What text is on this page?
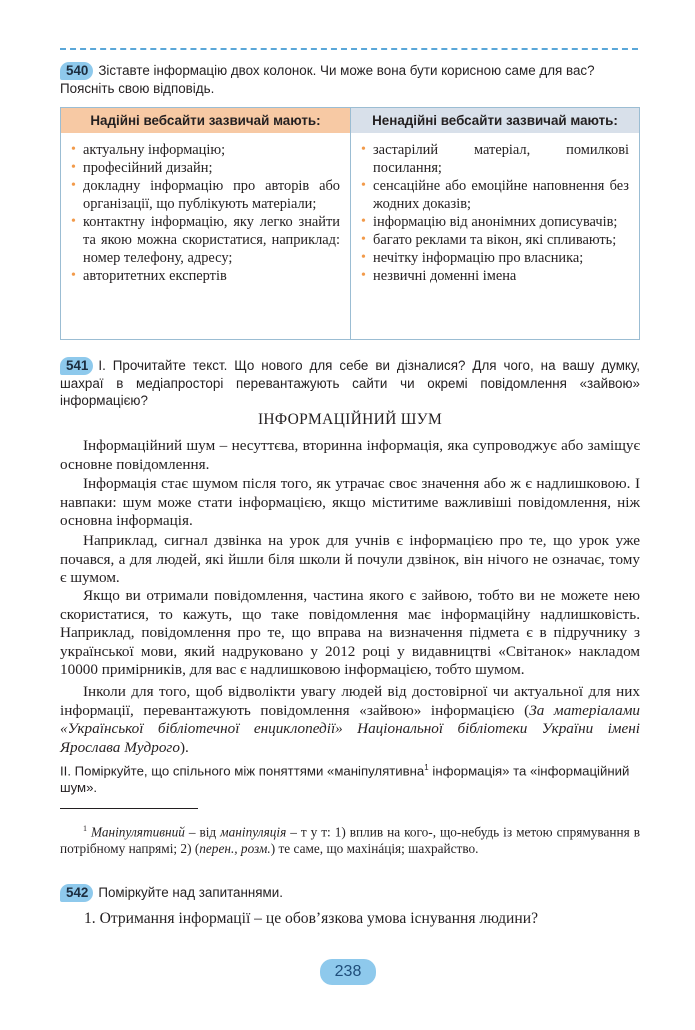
540 Зіставте інформацію двох колонок. Чи може вона бути корисною саме для вас?
Поясніть свою відповідь.
Надійні вебсайти зазвичай мають:	Ненадійні вебсайти зазвичай мають:
• актуальну інформацію;
• професійний дизайн;
• докладну інформацію про авторів або організації, що публікують матеріали;
• контактну інформацію, яку легко знайти та якою можна скористатися, наприклад: номер телефону, адресу;
• авторитетних експертів
• застарілий матеріал, помилкові посилання;
• сенсаційне або емоційне наповнення без жодних доказів;
• інформацію від анонімних дописувачів;
• багато реклами та вікон, які спливають;
• нечітку інформацію про власника;
• незвичні доменні імена
541 І. Прочитайте текст. Що нового для себе ви дізналися? Для чого, на вашу думку, шахраї в медіапросторі перевантажують сайти чи окремі повідомлення «зайвою» інформацією?
ІНФОРМАЦІЙНИЙ ШУМ

Інформаційний шум – несуттєва, вторинна інформація, яка супроводжує або заміщує основне повідомлення.

Інформація стає шумом після того, як утрачає своє значення або ж є надлишковою. І навпаки: шум може стати інформацією, якщо міститиме важливіші повідомлення, ніж основна інформація.

Наприклад, сигнал дзвінка на урок для учнів є інформацією про те, що урок уже почався, а для людей, які йшли біля школи й почули дзвінок, він нічого не означає, тому є шумом.

Якщо ви отримали повідомлення, частина якого є зайвою, тобто ви не можете нею скористатися, то кажуть, що таке повідомлення має інформаційну надлишковість. Наприклад, повідомлення про те, що вправа на визначення підмета є в підручнику з української мови, який надруковано у 2012 році у видавництві «Світанок» накладом 10000 примірників, для вас є надлишковою інформацією, тобто шумом.

Інколи для того, щоб відволікти увагу людей від достовірної чи актуальної для них інформації, перевантажують повідомлення «зайвою» інформацією (За матеріалами «Української бібліотечної енциклопедії» Національної бібліотеки України імені Ярослава Мудрого).

ІІ. Поміркуйте, що спільного між поняттями «маніпулятивна$^1$ інформація» та «інформаційний шум».

$^1$ Маніпулятивний – від маніпуляція – т у т: 1) вплив на кого-, що-небудь із метою спрямування в потрібному напрямі; 2) (перен., розм.) те саме, що махінáція; шахрайство.

542 Поміркуйте над запитаннями.
1. Отримання інформації – це обов’язкова умова існування людини?
238
